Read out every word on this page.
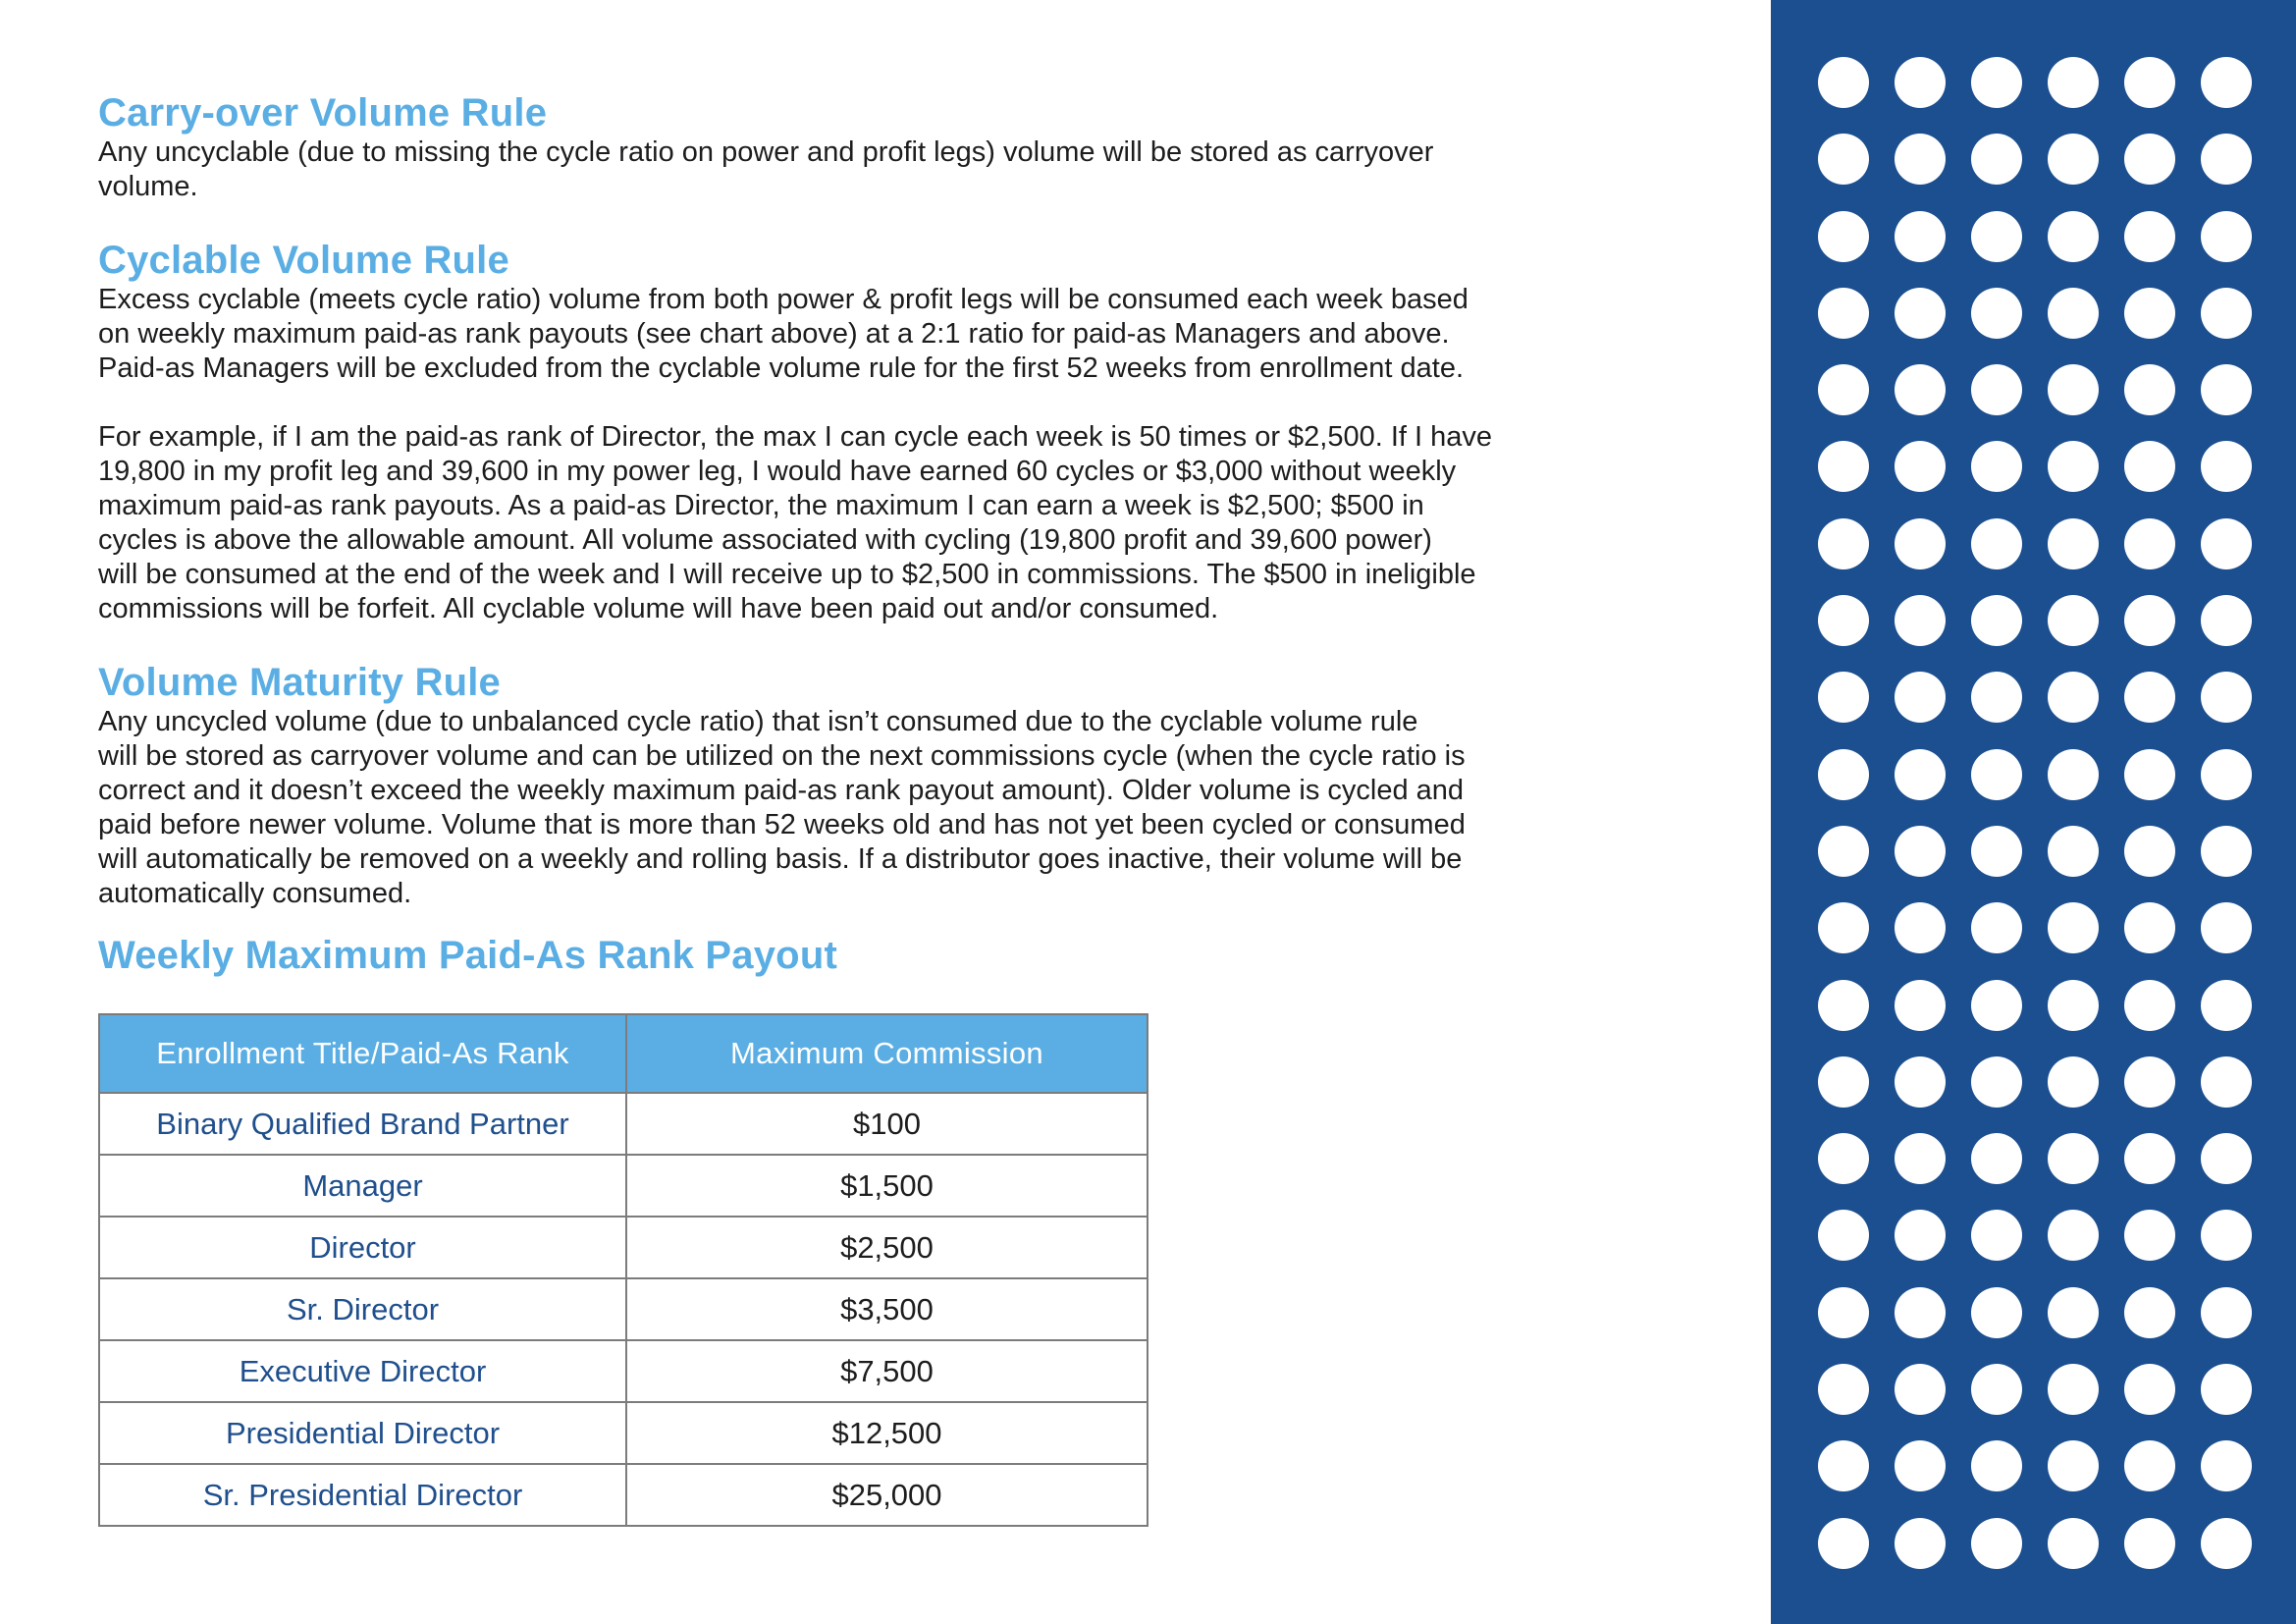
Carry-over Volume Rule

Any uncyclable (due to missing the cycle ratio on power and profit legs) volume will be stored as carryover
volume.

Cyclable Volume Rule

Excess cyclable (meets cycle ratio) volume from both power & profit legs will be consumed each week based
on weekly maximum paid-as rank payouts (see chart above) at a 2:1 ratio for paid-as Managers and above.
Paid-as Managers will be excluded from the cyclable volume rule for the first 52 weeks from enrollment date.

For example, if I am the paid-as rank of Director, the max I can cycle each week is 50 times or $2,500. If I have
19,800 in my profit leg and 39,600 in my power leg, I would have earned 60 cycles or $3,000 without weekly
maximum paid-as rank payouts. As a paid-as Director, the maximum I can earn a week is $2,500; $500 in
cycles is above the allowable amount. All volume associated with cycling (19,800 profit and 39,600 power)
will be consumed at the end of the week and I will receive up to $2,500 in commissions. The $500 in ineligible
commissions will be forfeit. All cyclable volume will have been paid out and/or consumed.

Volume Maturity Rule

Any uncycled volume (due to unbalanced cycle ratio) that isn’t consumed due to the cyclable volume rule
will be stored as carryover volume and can be utilized on the next commissions cycle (when the cycle ratio is
correct and it doesn’t exceed the weekly maximum paid-as rank payout amount). Older volume is cycled and
paid before newer volume. Volume that is more than 52 weeks old and has not yet been cycled or consumed
will automatically be removed on a weekly and rolling basis. If a distributor goes inactive, their volume will be
automatically consumed.

Weekly Maximum Paid-As Rank Payout
Enrollment Title/Paid-As Rank	Maximum Commission
Binary Qualified Brand Partner	$100
Manager	$1,500
Director	$2,500
Sr. Director	$3,500
Executive Director	$7,500
Presidential Director	$12,500
Sr. Presidential Director	$25,000
